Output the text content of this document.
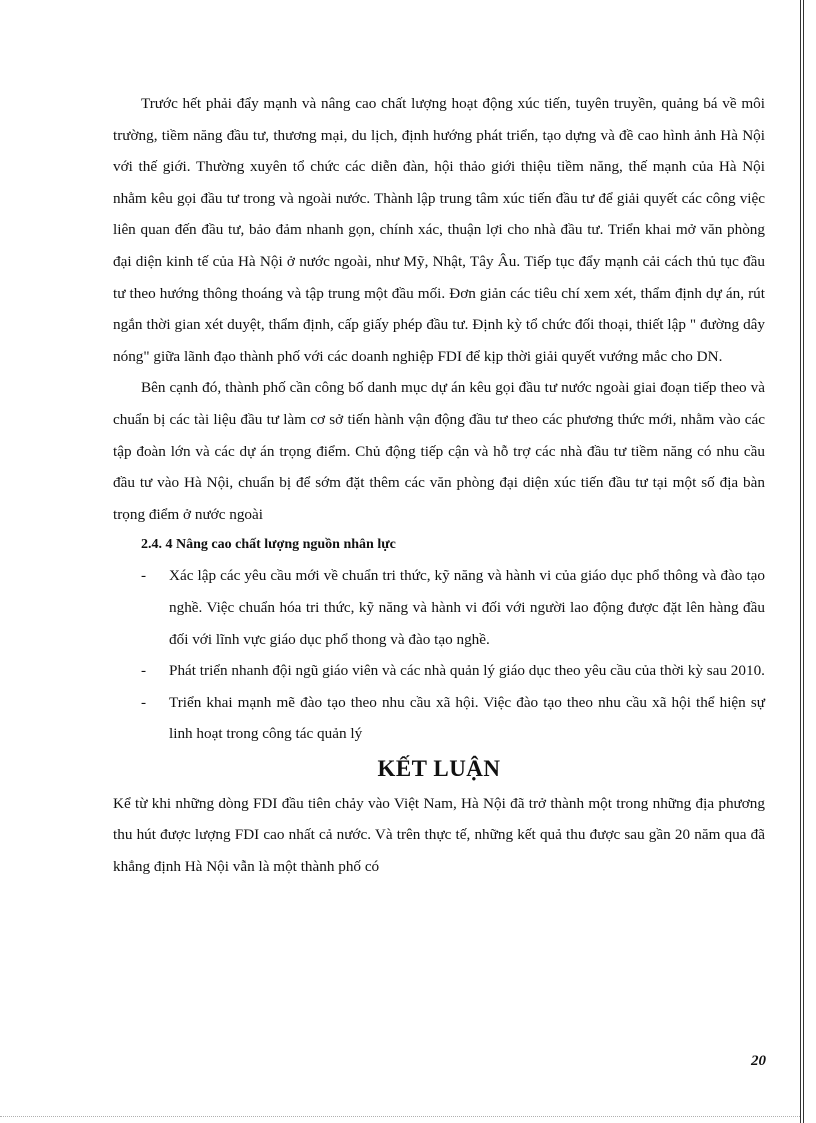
Trước hết phải đẩy mạnh và nâng cao chất lượng hoạt động xúc tiến, tuyên truyền, quảng bá về môi trường, tiềm năng đầu tư, thương mại, du lịch, định hướng phát triển, tạo dựng và đề cao hình ảnh Hà Nội với thế giới. Thường xuyên tổ chức các diễn đàn, hội thảo giới thiệu tiềm năng, thế mạnh của Hà Nội nhằm kêu gọi đầu tư trong và ngoài nước. Thành lập trung tâm xúc tiến đầu tư để giải quyết các công việc liên quan đến đầu tư, bảo đảm nhanh gọn, chính xác, thuận lợi cho nhà đầu tư. Triển khai mở văn phòng đại diện kinh tế của Hà Nội ở nước ngoài, như Mỹ, Nhật, Tây Âu. Tiếp tục đẩy mạnh cải cách thủ tục đầu tư theo hướng thông thoáng và tập trung một đầu mối. Đơn giản các tiêu chí xem xét, thẩm định dự án, rút ngắn thời gian xét duyệt, thẩm định, cấp giấy phép đầu tư. Định kỳ tổ chức đối thoại, thiết lập " đường dây nóng" giữa lãnh đạo thành phố với các doanh nghiệp FDI để kịp thời giải quyết vướng mắc cho DN.

Bên cạnh đó, thành phố cần công bố danh mục dự án kêu gọi đầu tư nước ngoài giai đoạn tiếp theo và chuẩn bị các tài liệu đầu tư làm cơ sở tiến hành vận động đầu tư theo các phương thức mới, nhằm vào các tập đoàn lớn và các dự án trọng điểm. Chủ động tiếp cận và hỗ trợ các nhà đầu tư tiềm năng có nhu cầu đầu tư vào Hà Nội, chuẩn bị để sớm đặt thêm các văn phòng đại diện xúc tiến đầu tư tại một số địa bàn trọng điểm ở nước ngoài

2.4. 4 Nâng cao chất lượng nguồn nhân lực

- Xác lập các yêu cầu mới về chuẩn tri thức, kỹ năng và hành vi của giáo dục phổ thông và đào tạo nghề. Việc chuẩn hóa tri thức, kỹ năng và hành vi đối với người lao động được đặt lên hàng đầu đối với lĩnh vực giáo dục phổ thong và đào tạo nghề.
- Phát triển nhanh đội ngũ giáo viên và các nhà quản lý giáo dục theo yêu cầu của thời kỳ sau 2010.
- Triển khai mạnh mẽ đào tạo theo nhu cầu xã hội. Việc đào tạo theo nhu cầu xã hội thể hiện sự linh hoạt trong công tác quản lý
KẾT LUẬN

Kể từ khi những dòng FDI đầu tiên chảy vào Việt Nam, Hà Nội đã trở thành một trong những địa phương thu hút được lượng FDI cao nhất cả nước. Và trên thực tế, những kết quả thu được sau gần 20 năm qua đã khẳng định Hà Nội vẫn là một thành phố có

20
